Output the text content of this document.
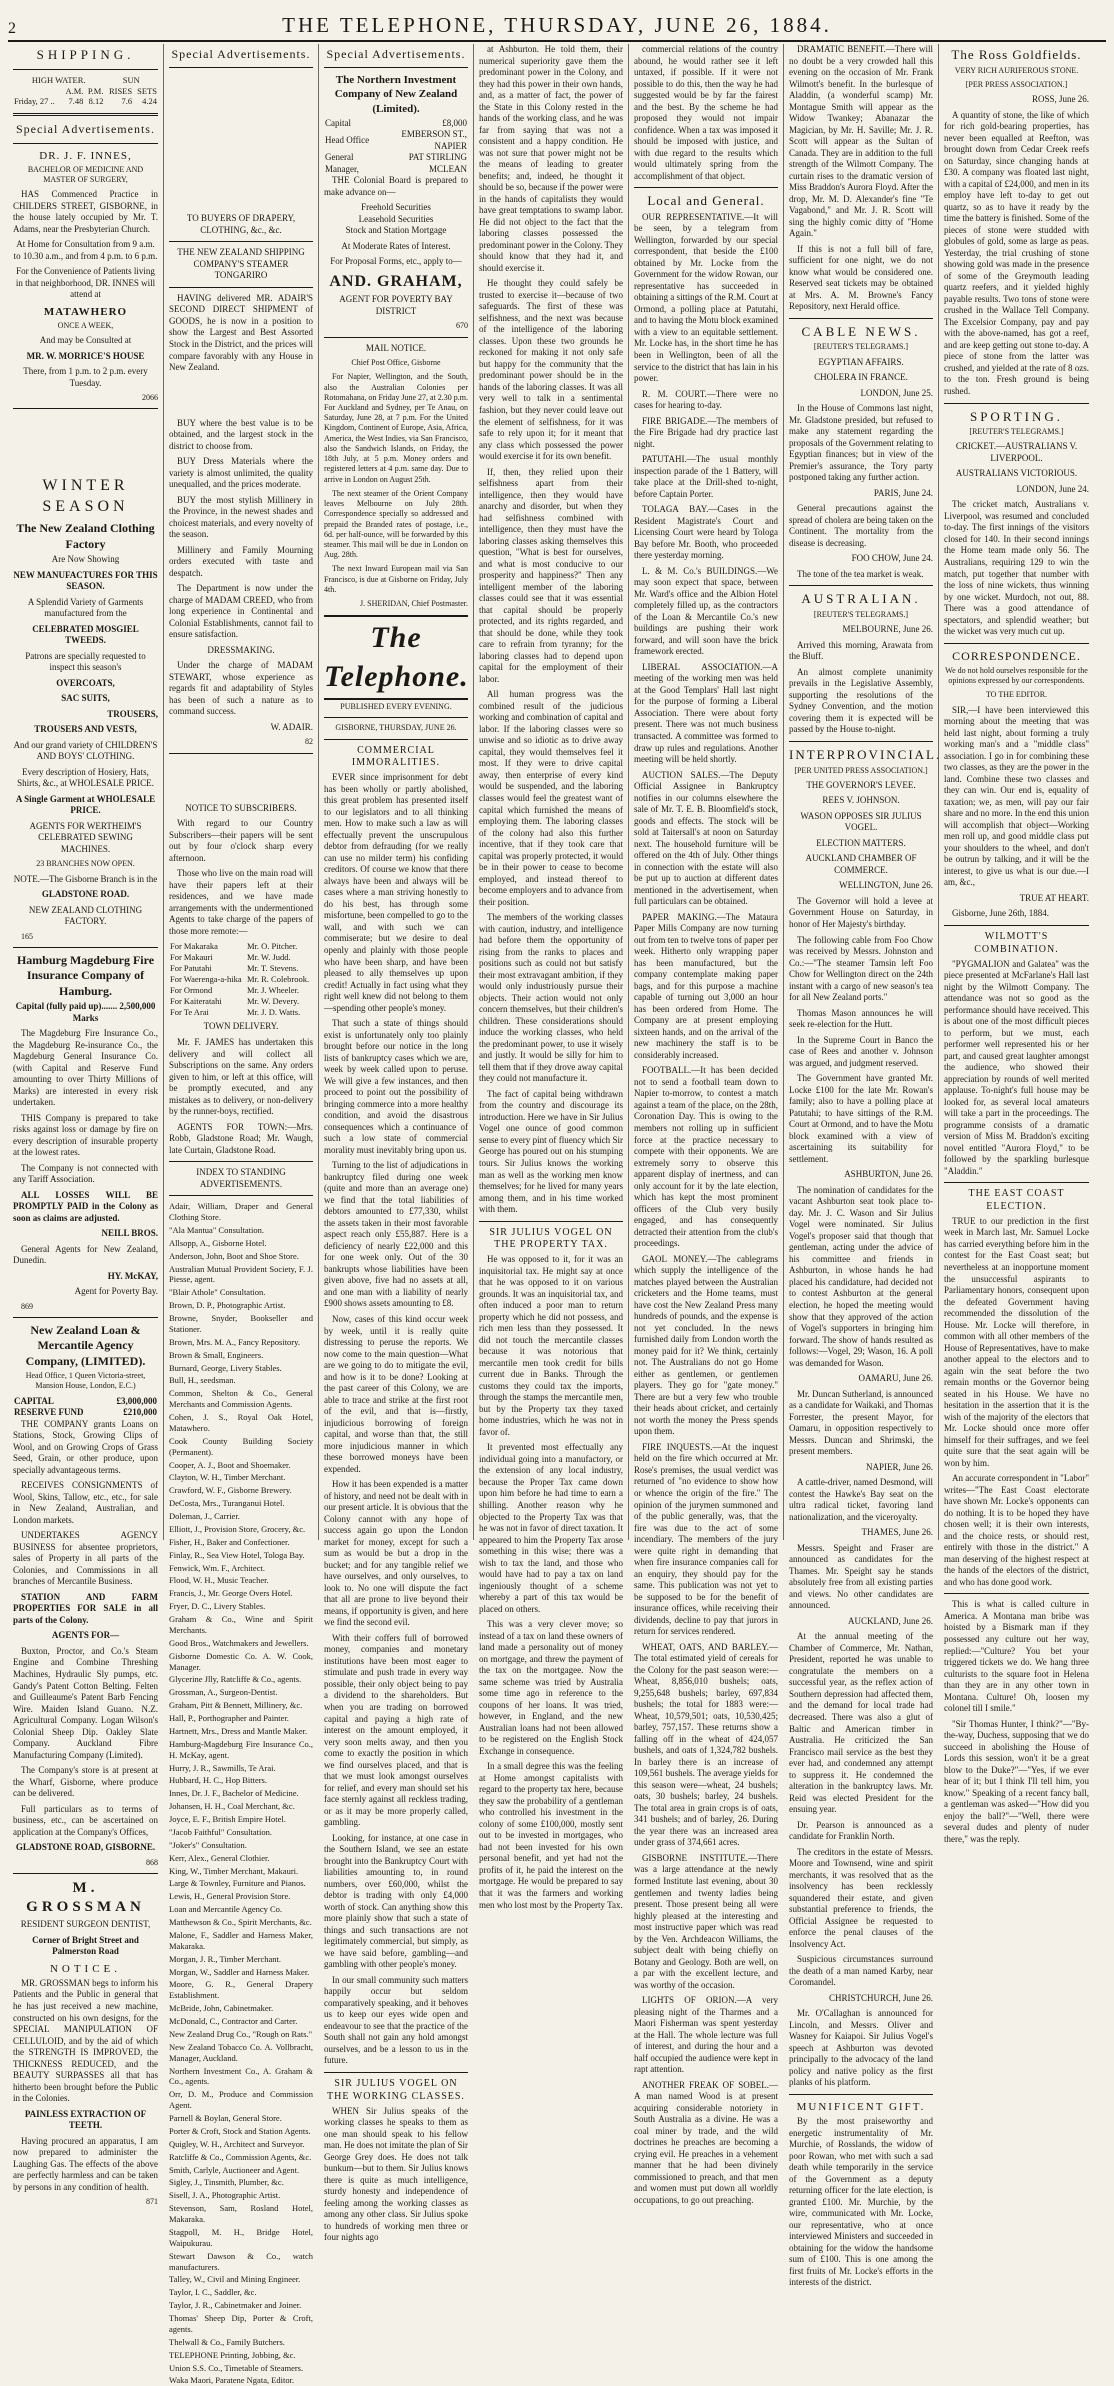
2	THE TELEPHONE, THURSDAY, JUNE 26, 1884.
SHIPPING.
HIGH WATER.			SUN	
	A.M.	P.M.	RISES	SETS
Friday, 27 ..	7.48	8.12	7.6	4.24
Special Advertisements.
DR. J. F. INNES,

BACHELOR OF MEDICINE AND MASTER OF SURGERY,

HAS Commenced Practice in CHILDERS STREET, GISBORNE, in the house lately occupied by Mr. T. Adams, near the Presbyterian Church.

At Home for Consultation from 9 a.m. to 10.30 a.m., and from 4 p.m. to 6 p.m.

For the Convenience of Patients living in that neighborhood, DR. INNES will attend at

MATAWHERO

ONCE A WEEK,

And may be Consulted at

MR. W. MORRICE'S HOUSE

There, from 1 p.m. to 2 p.m. every Tuesday.

2066

WINTER SEASON
The New Zealand Clothing Factory

Are Now Showing

NEW MANUFACTURES FOR THIS SEASON.

A Splendid Variety of Garments manufactured from the

CELEBRATED MOSGIEL TWEEDS.

Patrons are specially requested to inspect this season's

OVERCOATS,

SAC SUITS,

TROUSERS,

TROUSERS AND VESTS,

And our grand variety of CHILDREN'S AND BOYS' CLOTHING.

Every description of Hosiery, Hats, Shirts, &c., at WHOLESALE PRICE.

A Single Garment at WHOLESALE PRICE.

AGENTS FOR WERTHEIM'S CELEBRATED SEWING MACHINES.

23 BRANCHES NOW OPEN.

NOTE.—The Gisborne Branch is in the

GLADSTONE ROAD.

NEW ZEALAND CLOTHING FACTORY.

165

Hamburg Magdeburg Fire Insurance Company of Hamburg.

Capital (fully paid up)....... 2,500,000 Marks

The Magdeburg Fire Insurance Co., the Magdeburg Re-insurance Co., the Magdeburg General Insurance Co. (with Capital and Reserve Fund amounting to over Thirty Millions of Marks) are interested in every risk undertaken.

THIS Company is prepared to take risks against loss or damage by fire on every description of insurable property at the lowest rates.

The Company is not connected with any Tariff Association.

ALL LOSSES WILL BE PROMPTLY PAID in the Colony as soon as claims are adjusted.

NEILL BROS.

General Agents for New Zealand, Dunedin.

HY. McKAY,

Agent for Poverty Bay.

869

New Zealand Loan & Mercantile Agency Company, (LIMITED).

Head Office, 1 Queen Victoria-street, Mansion House, London, E.C.)

CAPITAL	£3,000,000
RESERVE FUND	£210,000

THE COMPANY grants Loans on Stations, Stock, Growing Clips of Wool, and on Growing Crops of Grass Seed, Grain, or other produce, upon specially advantageous terms.

RECEIVES CONSIGNMENTS of Wool, Skins, Tallow, etc., etc., for sale in New Zealand, Australian, and London markets.

UNDERTAKES AGENCY BUSINESS for absentee proprietors, sales of Property in all parts of the Colonies, and Commissions in all branches of Mercantile Business.

STATION AND FARM PROPERTIES FOR SALE in all parts of the Colony.

AGENTS FOR—

Buxton, Proctor, and Co.'s Steam Engine and Combine Threshing Machines, Hydraulic Sly pumps, etc. Gandy's Patent Cotton Belting. Felten and Guilleaume's Patent Barb Fencing Wire. Maiden Island Guano. N.Z. Agricultural Company. Logan Wilson's Colonial Sheep Dip. Oakley Slate Company. Auckland Fibre Manufacturing Company (Limited).

The Company's store is at present at the Wharf, Gisborne, where produce can be delivered.

Full particulars as to terms of business, etc., can be ascertained on application at the Company's Offices,

GLADSTONE ROAD, GISBORNE.

868

M. GROSSMAN

RESIDENT SURGEON DENTIST,

Corner of Bright Street and Palmerston Road

NOTICE.

MR. GROSSMAN begs to inform his Patients and the Public in general that he has just received a new machine, constructed on his own designs, for the SPECIAL MANIPULATION OF CELLULOID, and by the aid of which the STRENGTH IS IMPROVED, the THICKNESS REDUCED, and the BEAUTY SURPASSES all that has hitherto been brought before the Public in the Colonies.

PAINLESS EXTRACTION OF TEETH.

Having procured an apparatus, I am now prepared to administer the Laughing Gas. The effects of the above are perfectly harmless and can be taken by persons in any condition of health.

871

Special Advertisements.

TO BUYERS OF DRAPERY, CLOTHING, &c., &c.

THE NEW ZEALAND SHIPPING COMPANY'S STEAMER TONGARIRO

HAVING delivered MR. ADAIR'S SECOND DIRECT SHIPMENT of GOODS, he is now in a position to show the Largest and Best Assorted Stock in the District, and the prices will compare favorably with any House in New Zealand.

BUY where the best value is to be obtained, and the largest stock in the district to choose from.

BUY Dress Materials where the variety is almost unlimited, the quality unequalled, and the prices moderate.

BUY the most stylish Millinery in the Province, in the newest shades and choicest materials, and every novelty of the season.

Millinery and Family Mourning orders executed with taste and despatch.

The Department is now under the charge of MADAM CREED, who from long experience in Continental and Colonial Establishments, cannot fail to ensure satisfaction.

DRESSMAKING.

Under the charge of MADAM STEWART, whose experience as regards fit and adaptability of Styles has been of such a nature as to command success.

W. ADAIR.

82

NOTICE TO SUBSCRIBERS.

With regard to our Country Subscribers—their papers will be sent out by four o'clock sharp every afternoon.

Those who live on the main road will have their papers left at their residences, and we have made arrangements with the undermentioned Agents to take charge of the papers of those more remote:—

For Makaraka	Mr. O. Pitcher.
For Makauri	Mr. W. Judd.
For Patutahi	Mr. T. Stevens.
For Waerenga-a-hika	Mr. R. Colebrook.
For Ormond	Mr. J. Wheeler.
For Kaiteratahi	Mr. W. Devery.
For Te Arai	Mr. J. D. Watts.

TOWN DELIVERY.

Mr. F. JAMES has undertaken this delivery and will collect all Subscriptions on the same. Any orders given to him, or left at this office, will be promptly executed, and any mistakes as to delivery, or non-delivery by the runner-boys, rectified.

AGENTS FOR TOWN:—Mrs. Robb, Gladstone Road; Mr. Waugh, late Curtain, Gladstone Road.

INDEX TO STANDING ADVERTISEMENTS.

Adair, William, Draper and General Clothing Store.

"Ala Mantua" Consultation.

Allsopp, A., Gisborne Hotel.

Anderson, John, Boot and Shoe Store.

Australian Mutual Provident Society, F. J. Piesse, agent.

"Blair Athole" Consultation.

Brown, D. P., Photographic Artist.

Browne, Snyder, Bookseller and Stationer.

Brown, Mrs. M. A., Fancy Repository.

Brown & Small, Engineers.

Burnard, George, Livery Stables.

Bull, H., seedsman.

Common, Shelton & Co., General Merchants and Commission Agents.

Cohen, J. S., Royal Oak Hotel, Matawhero.

Cook County Building Society (Permanent).

Cooper, A. J., Boot and Shoemaker.

Clayton, W. H., Timber Merchant.

Crawford, W. F., Gisborne Brewery.

DeCosta, Mrs., Turanganui Hotel.

Doleman, J., Carrier.

Elliott, J., Provision Store, Grocery, &c.

Fisher, H., Baker and Confectioner.

Finlay, R., Sea View Hotel, Tologa Bay.

Fenwick, Wm. F., Architect.

Flood, W. H., Music Teacher.

Francis, J., Mr. George Overs Hotel.

Fryer, D. C., Livery Stables.

Graham & Co., Wine and Spirit Merchants.

Good Bros., Watchmakers and Jewellers.

Gisborne Domestic Co. A. W. Cook, Manager.

Glycerine Jlly, Ratcliffe & Co., agents.

Grossman, A., Surgeon-Dentist.

Graham, Pitt & Bennett, Millinery, &c.

Hall, P., Porthographer and Painter.

Hartnett, Mrs., Dress and Mantle Maker.

Hamburg-Magdeburg Fire Insurance Co., H. McKay, agent.

Hurry, J. R., Sawmills, Te Arai.

Hubbard, H. C., Hop Bitters.

Innes, Dr. J. F., Bachelor of Medicine.

Johansen, H. H., Coal Merchant, &c.

Joyce, E. F., British Empire Hotel.

"Jacob Faithful" Consultation.

"Joker's" Consultation.

Kerr, Alex., General Clothier.

King, W., Timber Merchant, Makauri.

Large & Townley, Furniture and Pianos.

Lewis, H., General Provision Store.

Loan and Mercantile Agency Co.

Matthewson & Co., Spirit Merchants, &c.

Malone, F., Saddler and Harness Maker, Makaraka.

Morgan, J. R., Timber Merchant.

Morgan, W., Saddler and Harness Maker.

Moore, G. R., General Drapery Establishment.

McBride, John, Cabinetmaker.

McDonald, C., Contractor and Carter.

New Zealand Drug Co., "Rough on Rats."

New Zealand Tobacco Co. A. Vollbracht, Manager, Auckland.

Northern Investment Co., A. Graham & Co., agents.

Orr, D. M., Produce and Commission Agent.

Parnell & Boylan, General Store.

Porter & Croft, Stock and Station Agents.

Quigley, W. H., Architect and Surveyor.

Ratcliffe & Co., Commission Agents, &c.

Smith, Carlyle, Auctioneer and Agent.

Sigley, J., Tinsmith, Plumber, &c.

Sisell, J. A., Photographic Artist.

Stevenson, Sam, Rosland Hotel, Makaraka.

Stagpoll, M. H., Bridge Hotel, Waipukurau.

Stewart Dawson & Co., watch manufacturers.

Talley, W., Civil and Mining Engineer.

Taylor, I. C., Saddler, &c.

Taylor, J. R., Cabinetmaker and Joiner.

Thomas' Sheep Dip, Porter & Croft, agents.

Thelwall & Co., Family Butchers.

TELEPHONE Printing, Jobbing, &c.

Union S.S. Co., Timetable of Steamers.

Waka Maori, Paratene Ngata, Editor.

Special Advertisements.
The Northern Investment Company of New Zealand (Limited).
Capital	£8,000
Head Office	EMBERSON ST., NAPIER
General Manager,	PAT STIRLING MCLEAN

THE Colonial Board is prepared to make advance on—

Freehold Securities
Leasehold Securities
Stock and Station Mortgage

At Moderate Rates of Interest.

For Proposal Forms, etc., apply to—

AND. GRAHAM,

AGENT FOR POVERTY BAY DISTRICT

670

MAIL NOTICE.

Chief Post Office, Gisborne

For Napier, Wellington, and the South, also the Australian Colonies per Rotomahana, on Friday June 27, at 2.30 p.m. For Auckland and Sydney, per Te Anau, on Saturday, June 28, at 7 p.m. For the United Kingdom, Continent of Europe, Asia, Africa, America, the West Indies, via San Francisco, also the Sandwich Islands, on Friday, the 18th July, at 5 p.m. Money orders and registered letters at 4 p.m. same day. Due to arrive in London on August 25th.

The next steamer of the Orient Company leaves Melbourne on July 28th. Correspondence specially so addressed and prepaid the Branded rates of postage, i.e., 6d. per half-ounce, will be forwarded by this steamer. This mail will be due in London on Aug. 28th.

The next Inward European mail via San Francisco, is due at Gisborne on Friday, July 4th.

J. SHERIDAN, Chief Postmaster.

The Telephone.

PUBLISHED EVERY EVENING.

GISBORNE, THURSDAY, JUNE 26.

COMMERCIAL IMMORALITIES.

EVER since imprisonment for debt has been wholly or partly abolished, this great problem has presented itself to our legislators and to all thinking men. How to make such a law as will effectually prevent the unscrupulous debtor from defrauding (for we really can use no milder term) his confiding creditors. Of course we know that there always have been and always will be cases where a man striving honestly to do his best, has through some misfortune, been compelled to go to the wall, and with such we can commiserate; but we desire to deal openly and plainly with those people who have been sharp, and have been pleased to ally themselves up upon credit! Actually in fact using what they right well knew did not belong to them—spending other people's money.

That such a state of things should exist is unfortunately only too plainly brought before our notice in the long lists of bankruptcy cases which we are, week by week called upon to peruse. We will give a few instances, and then proceed to point out the possibility of bringing commerce into a more healthy condition, and avoid the disastrous consequences which a continuance of such a low state of commercial morality must inevitably bring upon us.

Turning to the list of adjudications in bankruptcy filed during one week (quite and more than an average one) we find that the total liabilities of debtors amounted to £77,330, whilst the assets taken in their most favorable aspect reach only £55,887. Here is a deficiency of nearly £22,000 and this for one week only. Out of the 30 bankrupts whose liabilities have been given above, five had no assets at all, and one man with a liability of nearly £900 shows assets amounting to £8.

Now, cases of this kind occur week by week, until it is really quite distressing to peruse the reports. We now come to the main question—What are we going to do to mitigate the evil, and how is it to be done? Looking at the past career of this Colony, we are able to trace and strike at the first root of the evil, and that is—firstly, injudicious borrowing of foreign capital, and worse than that, the still more injudicious manner in which these borrowed moneys have been expended.

How it has been expended is a matter of history, and need not be dealt with in our present article. It is obvious that the Colony cannot with any hope of success again go upon the London market for money, except for such a sum as would be but a drop in the bucket; and for any tangible relief we have ourselves, and only ourselves, to look to. No one will dispute the fact that all are prone to live beyond their means, if opportunity is given, and here we find the second evil.

With their coffers full of borrowed money, companies and monetary institutions have been most eager to stimulate and push trade in every way possible, their only object being to pay a dividend to the shareholders. But when you are trading on borrowed capital and paying a high rate of interest on the amount employed, it very soon melts away, and then you come to exactly the position in which we find ourselves placed, and that is that we must look amongst ourselves for relief, and every man should set his face sternly against all reckless trading, or as it may be more properly called, gambling.

Looking, for instance, at one case in the Southern Island, we see an estate brought into the Bankruptcy Court with liabilities amounting to, in round numbers, over £60,000, whilst the debtor is trading with only £4,000 worth of stock. Can anything show this more plainly show that such a state of things and such transactions are not legitimately commercial, but simply, as we have said before, gambling—and gambling with other people's money.

In our small community such matters happily occur but seldom comparatively speaking, and it behoves us to keep our eyes wide open and endeavour to see that the practice of the South shall not gain any hold amongst ourselves, and be a lesson to us in the future.

SIR JULIUS VOGEL ON THE WORKING CLASSES.

WHEN Sir Julius speaks of the working classes he speaks to them as one man should speak to his fellow man. He does not imitate the plan of Sir George Grey does. He does not talk bunkum—but to them. Sir Julius knows there is quite as much intelligence, sturdy honesty and independence of feeling among the working classes as among any other class. Sir Julius spoke to hundreds of working men three or four nights ago

at Ashburton. He told them, their numerical superiority gave them the predominant power in the Colony, and they had this power in their own hands, and, as a matter of fact, the power of the State in this Colony rested in the hands of the working class, and he was far from saying that was not a consistent and a happy condition. He was not sure that power might not be the means of leading to greater benefits; and, indeed, he thought it should be so, because if the power were in the hands of capitalists they would have great temptations to swamp labor. He did not object to the fact that the laboring classes possessed the predominant power in the Colony. They should know that they had it, and should exercise it.

He thought they could safely be trusted to exercise it—because of two safeguards. The first of these was selfishness, and the next was because of the intelligence of the laboring classes. Upon these two grounds he reckoned for making it not only safe but happy for the community that the predominant power should be in the hands of the laboring classes. It was all very well to talk in a sentimental fashion, but they never could leave out the element of selfishness, for it was safe to rely upon it; for it meant that any class which possessed the power would exercise it for its own benefit.

If, then, they relied upon their selfishness apart from their intelligence, then they would have anarchy and disorder, but when they had selfishness combined with intelligence, then they must have the laboring classes asking themselves this question, "What is best for ourselves, and what is most conducive to our prosperity and happiness?" Then any intelligent member of the laboring classes could see that it was essential that capital should be properly protected, and its rights regarded, and that should be done, while they took care to refrain from tyranny; for the laboring classes had to depend upon capital for the employment of their labor.

All human progress was the combined result of the judicious working and combination of capital and labor. If the laboring classes were so unwise and so idiotic as to drive away capital, they would themselves feel it most. If they were to drive capital away, then enterprise of every kind would be suspended, and the laboring classes would feel the greatest want of capital which furnished the means of employing them. The laboring classes of the colony had also this further incentive, that if they took care that capital was properly protected, it would be in their power to cease to become employed, and instead thereof to become employers and to advance from their position.

The members of the working classes with caution, industry, and intelligence had before them the opportunity of rising from the ranks to places and positions such as could not but satisfy their most extravagant ambition, if they would only industriously pursue their objects. Their action would not only concern themselves, but their children's children. These considerations should induce the working classes, who held the predominant power, to use it wisely and justly. It would be silly for him to tell them that if they drove away capital they could not manufacture it.

The fact of capital being withdrawn from the country and discourage its introduction. Here we have in Sir Julius Vogel one ounce of good common sense to every pint of fluency which Sir George has poured out on his stumping tours. Sir Julius knows the working man as well as the working men know themselves; for he lived for many years among them, and in his time worked with them.

SIR JULIUS VOGEL ON THE PROPERTY TAX.

He was opposed to it, for it was an inquisitorial tax. He might say at once that he was opposed to it on various grounds. It was an inquisitorial tax, and often induced a poor man to return property which he did not possess, and rich men less than they possessed. It did not touch the mercantile classes because it was notorious that mercantile men took credit for bills current due in Banks. Through the customs they could tax the imports, through the stamps the mercantile men, but by the Property tax they taxed home industries, which he was not in favor of.

It prevented most effectually any individual going into a manufactory, or the extension of any local industry, because the Proper Tax came down upon him before he had time to earn a shilling. Another reason why he objected to the Property Tax was that he was not in favor of direct taxation. It appeared to him the Property Tax arose something in this wise; there was a wish to tax the land, and those who would have had to pay a tax on land ingeniously thought of a scheme whereby a part of this tax would be placed on others.

This was a very clever move; so instead of a tax on land these owners of land made a personality out of money on mortgage, and threw the payment of the tax on the mortgagee. Now the same scheme was tried by Australia some time ago in reference to the coupons of her loans. It was tried, however, in England, and the new Australian loans had not been allowed to be registered on the English Stock Exchange in consequence.

In a small degree this was the feeling at Home amongst capitalists with regard to the property tax here, because they saw the probability of a gentleman who controlled his investment in the colony of some £100,000, mostly sent out to be invested in mortgages, who had not been invested for his own personal benefit, and yet had not the profits of it, he paid the interest on the mortgage. He would be prepared to say that it was the farmers and working men who lost most by the Property Tax.

commercial relations of the country abound, he would rather see it left untaxed, if possible. If it were not possible to do this, then the way he had suggested would be by far the fairest and the best. By the scheme he had proposed they would not impair confidence. When a tax was imposed it should be imposed with justice, and with due regard to the results which would ultimately spring from the accomplishment of that object.

Local and General.

OUR REPRESENTATIVE.—It will be seen, by a telegram from Wellington, forwarded by our special correspondent, that beside the £100 obtained by Mr. Locke from the Government for the widow Rowan, our representative has succeeded in obtaining a sittings of the R.M. Court at Ormond, a polling place at Patutahi, and to having the Motu block examined with a view to an equitable settlement. Mr. Locke has, in the short time he has been in Wellington, been of all the service to the district that has lain in his power.

R. M. COURT.—There were no cases for hearing to-day.

FIRE BRIGADE.—The members of the Fire Brigade had dry practice last night.

PATUTAHI.—The usual monthly inspection parade of the 1 Battery, will take place at the Drill-shed to-night, before Captain Porter.

TOLAGA BAY.—Cases in the Resident Magistrate's Court and Licensing Court were heard by Tologa Bay before Mr. Booth, who proceeded there yesterday morning.

L. & M. Co.'s BUILDINGS.—We may soon expect that space, between Mr. Ward's office and the Albion Hotel completely filled up, as the contractors of the Loan & Mercantile Co.'s new buildings are pushing their work forward, and will soon have the brick framework erected.

LIBERAL ASSOCIATION.—A meeting of the working men was held at the Good Templars' Hall last night for the purpose of forming a Liberal Association. There were about forty present. There was not much business transacted. A committee was formed to draw up rules and regulations. Another meeting will be held shortly.

AUCTION SALES.—The Deputy Official Assignee in Bankruptcy notifies in our columns elsewhere the sale of Mr. T. E. B. Bloomfield's stock, goods and effects. The stock will be sold at Taitersall's at noon on Saturday next. The household furniture will be offered on the 4th of July. Other things in connection with the estate will also be put up to auction at different dates mentioned in the advertisement, when full particulars can be obtained.

PAPER MAKING.—The Mataura Paper Mills Company are now turning out from ten to twelve tons of paper per week. Hitherto only wrapping paper has been manufactured, but the company contemplate making paper bags, and for this purpose a machine capable of turning out 3,000 an hour has been ordered from Home. The Company are at present employing sixteen hands, and on the arrival of the new machinery the staff is to be considerably increased.

FOOTBALL.—It has been decided not to send a football team down to Napier to-morrow, to contest a match against a team of the place, on the 28th, Coronation Day. This is owing to the members not rolling up in sufficient force at the practice necessary to compete with their opponents. We are extremely sorry to observe this apparent display of inertness, and can only account for it by the late election, which has kept the most prominent officers of the Club very busily engaged, and has consequently detracted their attention from the club's proceedings.

GAOL MONEY.—The cablegrams which supply the intelligence of the matches played between the Australian cricketers and the Home teams, must have cost the New Zealand Press many hundreds of pounds, and the expense is not yet concluded. In the news furnished daily from London worth the money paid for it? We think, certainly not. The Australians do not go Home either as gentlemen, or gentlemen players. They go for "gate money." There are but a very few who trouble their heads about cricket, and certainly not worth the money the Press spends upon them.

FIRE INQUESTS.—At the inquest held on the fire which occurred at Mr. Rose's premises, the usual verdict was returned of "no evidence to show how or whence the origin of the fire." The opinion of the jurymen summoned and of the public generally, was, that the fire was due to the act of some incendiary. The members of the jury were quite right in demanding that when fire insurance companies call for an enquiry, they should pay for the same. This publication was not yet to be supposed to be for the benefit of insurance offices, while receiving their dividends, decline to pay that jurors in return for services rendered.

WHEAT, OATS, AND BARLEY.—The total estimated yield of cereals for the Colony for the past season were:—Wheat, 8,856,010 bushels; oats, 9,255,648 bushels; barley, 697,834 bushels; the total for 1883 were:—Wheat, 10,579,501; oats, 10,530,425; barley, 757,157. These returns show a falling off in the wheat of 424,057 bushels, and oats of 1,324,782 bushels. In barley there is an increase of 109,561 bushels. The average yields for this season were—wheat, 24 bushels; oats, 30 bushels; barley, 24 bushels. The total area in grain crops is of oats, 341 bushels; and of barley, 26. During the year there was an increased area under grass of 374,661 acres.

GISBORNE INSTITUTE.—There was a large attendance at the newly formed Institute last evening, about 30 gentlemen and twenty ladies being present. Those present being all were highly pleased at the interesting and most instructive paper which was read by the Ven. Archdeacon Williams, the subject dealt with being chiefly on Botany and Geology. Both are well, on a par with the excellent lecture, and was worthy of the occasion.

LIGHTS OF ORION.—A very pleasing night of the Tharmes and a Maori Fisherman was spent yesterday at the Hall. The whole lecture was full of interest, and during the hour and a half occupied the audience were kept in rapt attention.

ANOTHER FREAK OF SOBEL.—A man named Wood is at present acquiring considerable notoriety in South Australia as a divine. He was a coal miner by trade, and the wild doctrines he preaches are becoming a crying evil. He preaches in a vehement manner that he had been divinely commissioned to preach, and that men and women must put down all worldly occupations, to go out preaching.

DRAMATIC BENEFIT.—There will no doubt be a very crowded hall this evening on the occasion of Mr. Frank Wilmott's benefit. In the burlesque of Aladdin, (a wonderful scamp) Mr. Montague Smith will appear as the Widow Twankey; Abanazar the Magician, by Mr. H. Saville; Mr. J. R. Scott will appear as the Sultan of Canada. They are in addition to the full strength of the Wilmott Company. The curtain rises to the dramatic version of Miss Braddon's Aurora Floyd. After the drop, Mr. M. D. Alexander's fine "Te Vagabond," and Mr. J. R. Scott will sing the highly comic ditty of "Home Again."

If this is not a full bill of fare, sufficient for one night, we do not know what would be considered one. Reserved seat tickets may be obtained at Mrs. A. M. Browne's Fancy Repository, next Herald office.

CABLE NEWS.

[REUTER'S TELEGRAMS.]

EGYPTIAN AFFAIRS.

CHOLERA IN FRANCE.

LONDON, June 25.

In the House of Commons last night, Mr. Gladstone presided, but refused to make any statement regarding the proposals of the Government relating to Egyptian finances; but in view of the Premier's assurance, the Tory party postponed taking any further action.

PARIS, June 24.

General precautions against the spread of cholera are being taken on the Continent. The mortality from the disease is decreasing.

FOO CHOW, June 24.

The tone of the tea market is weak.

AUSTRALIAN.

[REUTER'S TELEGRAMS.]

MELBOURNE, June 26.

Arrived this morning, Arawata from the Bluff.

An almost complete unanimity prevails in the Legislative Assembly, supporting the resolutions of the Sydney Convention, and the motion covering them it is expected will be passed by the House to-night.

INTERPROVINCIAL.

[PER UNITED PRESS ASSOCIATION.]

THE GOVERNOR'S LEVEE.

REES V. JOHNSON.

WASON OPPOSES SIR JULIUS VOGEL.

ELECTION MATTERS.

AUCKLAND CHAMBER OF COMMERCE.

WELLINGTON, June 26.

The Governor will hold a levee at Government House on Saturday, in honor of Her Majesty's birthday.

The following cable from Foo Chow was received by Messrs. Johnston and Co.:—"The steamer Tamsin left Foo Chow for Wellington direct on the 24th instant with a cargo of new season's tea for all New Zealand ports."

Thomas Mason announces he will seek re-election for the Hutt.

In the Supreme Court in Banco the case of Rees and another v. Johnson was argued, and judgment reserved.

The Government have granted Mr. Locke £100 for the late Mr. Rowan's family; also to have a polling place at Patutahi; to have sittings of the R.M. Court at Ormond, and to have the Motu block examined with a view of ascertaining its suitability for settlement.

ASHBURTON, June 26.

The nomination of candidates for the vacant Ashburton seat took place to-day. Mr. J. C. Wason and Sir Julius Vogel were nominated. Sir Julius Vogel's proposer said that though that gentleman, acting under the advice of his committee and friends in Ashburton, in whose hands he had placed his candidature, had decided not to contest Ashburton at the general election, he hoped the meeting would show that they approved of the action of Vogel's supporters in bringing him forward. The show of hands resulted as follows:—Vogel, 29; Wason, 16. A poll was demanded for Wason.

OAMARU, June 26.

Mr. Duncan Sutherland, is announced as a candidate for Waikaki, and Thomas Forrester, the present Mayor, for Oamaru, in opposition respectively to Messrs. Duncan and Shrimski, the present members.

NAPIER, June 26.

A cattle-driver, named Desmond, will contest the Hawke's Bay seat on the ultra radical ticket, favoring land nationalization, and the viceroyalty.

THAMES, June 26.

Messrs. Speight and Fraser are announced as candidates for the Thames. Mr. Speight say he stands absolutely free from all existing parties and views. No other candidates are announced.

AUCKLAND, June 26.

At the annual meeting of the Chamber of Commerce, Mr. Nathan, President, reported he was unable to congratulate the members on a successful year, as the reflex action of Southern depression had affected them, and the demand for local trade had decreased. There was also a glut of Baltic and American timber in Australia. He criticized the San Francisco mail service as the best they ever had, and condemned any attempt to suppress it. He condemned the alteration in the bankruptcy laws. Mr. Reid was elected President for the ensuing year.

Dr. Pearson is announced as a candidate for Franklin North.

The creditors in the estate of Messrs. Moore and Townsend, wine and spirit merchants, it was resolved that as the insolvency has been recklessly squandered their estate, and given substantial preference to friends, the Official Assignee be requested to enforce the penal clauses of the Insolvency Act.

Suspicious circumstances surround the death of a man named Karby, near Coromandel.

CHRISTCHURCH, June 26.

Mr. O'Callaghan is announced for Lincoln, and Messrs. Oliver and Wasney for Kaiapoi. Sir Julius Vogel's speech at Ashburton was devoted principally to the advocacy of the land policy and native policy as the first planks of his platform.

MUNIFICENT GIFT.

By the most praiseworthy and energetic instrumentality of Mr. Murchie, of Rosslands, the widow of poor Rowan, who met with such a sad death while temporarily in the service of the Government as a deputy returning officer for the late election, is granted £100. Mr. Murchie, by the wire, communicated with Mr. Locke, our representative, who at once interviewed Ministers and succeeded in obtaining for the widow the handsome sum of £100. This is one among the first fruits of Mr. Locke's efforts in the interests of the district.

The Ross Goldfields.

VERY RICH AURIFEROUS STONE.

[PER PRESS ASSOCIATION.]

ROSS, June 26.

A quantity of stone, the like of which for rich gold-bearing properties, has never been equalled at Reefton, was brought down from Cedar Creek reefs on Saturday, since changing hands at £30. A company was floated last night, with a capital of £24,000, and men in its employ have left to-day to get out quartz, so as to have it ready by the time the battery is finished. Some of the pieces of stone were studded with globules of gold, some as large as peas. Yesterday, the trial crushing of stone showing gold was made in the presence of some of the Greymouth leading quartz reefers, and it yielded highly payable results. Two tons of stone were crushed in the Wallace Tell Company. The Excelsior Company, pay and pay with the above-named, has got a reef, and are keep getting out stone to-day. A piece of stone from the latter was crushed, and yielded at the rate of 8 ozs. to the ton. Fresh ground is being rushed.

SPORTING.

[REUTER'S TELEGRAMS.]

CRICKET.—AUSTRALIANS V. LIVERPOOL.

AUSTRALIANS VICTORIOUS.

LONDON, June 24.

The cricket match, Australians v. Liverpool, was resumed and concluded to-day. The first innings of the visitors closed for 140. In their second innings the Home team made only 56. The Australians, requiring 129 to win the match, put together that number with the loss of nine wickets, thus winning by one wicket. Murdoch, not out, 88. There was a good attendance of spectators, and splendid weather; but the wicket was very much cut up.

CORRESPONDENCE.

We do not hold ourselves responsible for the opinions expressed by our correspondents.

TO THE EDITOR.

SIR,—I have been interviewed this morning about the meeting that was held last night, about forming a truly working man's and a "middle class" association. I go in for combining these two classes, as they are the power in the land. Combine these two classes and they can win. Our end is, equality of taxation; we, as men, will pay our fair share and no more. In the end this union will accomplish that object—Working men roll up, and good middle class put your shoulders to the wheel, and don't be outrun by talking, and it will be the interest, to give us what is our due.—I am, &c.,

TRUE AT HEART.

Gisborne, June 26th, 1884.

WILMOTT'S COMBINATION.

"PYGMALION and Galatea" was the piece presented at McFarlane's Hall last night by the Wilmott Company. The attendance was not so good as the performance should have received. This is about one of the most difficult pieces to perform, but we must, each performer well represented his or her part, and caused great laughter amongst the audience, who showed their appreciation by rounds of well merited applause. To-night's full house may be looked for, as several local amateurs will take a part in the proceedings. The programme consists of a dramatic version of Miss M. Braddon's exciting novel entitled "Aurora Floyd," to be followed by the sparkling burlesque "Aladdin."

THE EAST COAST ELECTION.

TRUE to our prediction in the first week in March last, Mr. Samuel Locke has carried everything before him in the contest for the East Coast seat; but nevertheless at an inopportune moment the unsuccessful aspirants to Parliamentary honors, consequent upon the defeated Government having recommended the dissolution of the House. Mr. Locke will therefore, in common with all other members of the House of Representatives, have to make another appeal to the electors and to again win the seat before the two remain months or the Governor being seated in his House. We have no hesitation in the assertion that it is the wish of the majority of the electors that Mr. Locke should once more offer himself for their suffrages, and we feel quite sure that the seat again will be won by him.

An accurate correspondent in "Labor" writes—"The East Coast electorate have shown Mr. Locke's opponents can do nothing. It is to be hoped they have chosen well; it is their own interests, and the choice rests, or should rest, entirely with those in the district." A man deserving of the highest respect at the hands of the electors of the district, and who has done good work.

This is what is called culture in America. A Montana man bribe was hoisted by a Bismark man if they possessed any culture out her way, replied:—"Culture? You bet your triggered tickets we do. We hang three culturists to the square foot in Helena than they are in any other town in Montana. Culture! Oh, loosen my colonel till I smile."

"Sir Thomas Hunter, I think?"—"By-the-way, Duchess, supposing that we do succeed in abolishing the House of Lords this session, won't it be a great blow to the Duke?"—"Yes, if we ever hear of it; but I think I'll tell him, you know." Speaking of a recent fancy ball, a gentleman was asked—"How did you enjoy the ball?"—"Well, there were several dudes and plenty of nuder there," was the reply.
